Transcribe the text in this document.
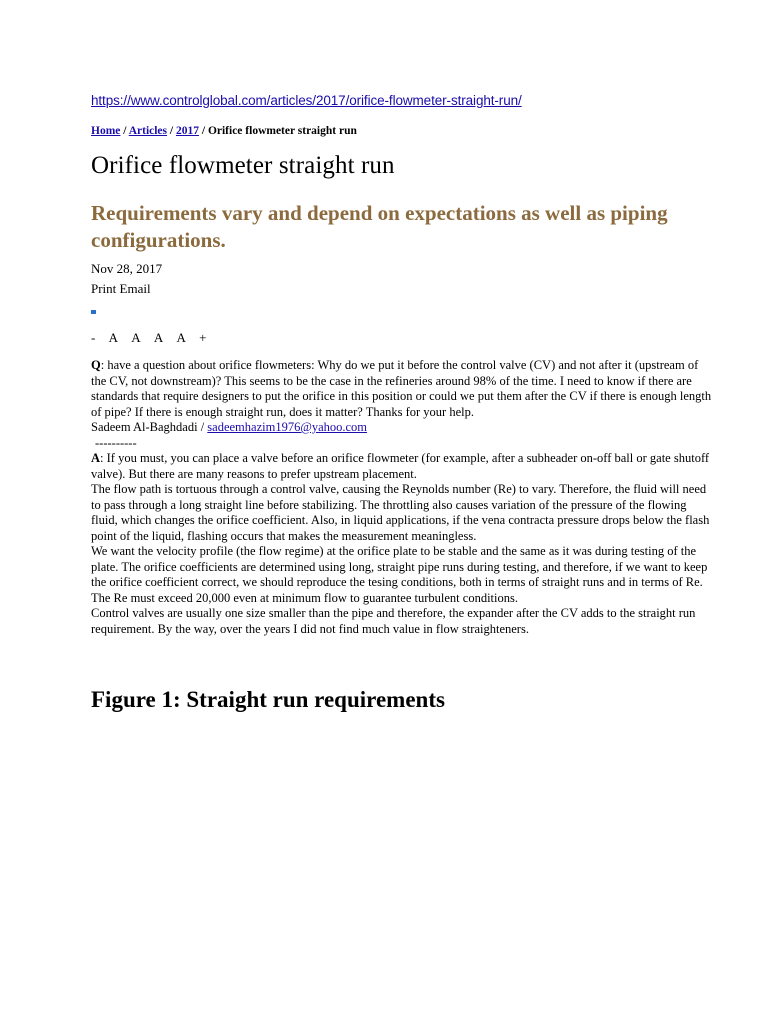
https://www.controlglobal.com/articles/2017/orifice-flowmeter-straight-run/
Home / Articles / 2017 / Orifice flowmeter straight run
Orifice flowmeter straight run
Requirements vary and depend on expectations as well as piping configurations.
Nov 28, 2017
Print Email
- A A A A +

Q: have a question about orifice flowmeters: Why do we put it before the control valve (CV) and not after it (upstream of the CV, not downstream)? This seems to be the case in the refineries around 98% of the time. I need to know if there are standards that require designers to put the orifice in this position or could we put them after the CV if there is enough length of pipe? If there is enough straight run, does it matter? Thanks for your help.

Sadeem Al-Baghdadi / sadeemhazim1976@yahoo.com

----------

A: If you must, you can place a valve before an orifice flowmeter (for example, after a subheader on-off ball or gate shutoff valve). But there are many reasons to prefer upstream placement.

The flow path is tortuous through a control valve, causing the Reynolds number (Re) to vary. Therefore, the fluid will need to pass through a long straight line before stabilizing. The throttling also causes variation of the pressure of the flowing fluid, which changes the orifice coefficient. Also, in liquid applications, if the vena contracta pressure drops below the flash point of the liquid, flashing occurs that makes the measurement meaningless.

We want the velocity profile (the flow regime) at the orifice plate to be stable and the same as it was during testing of the plate. The orifice coefficients are determined using long, straight pipe runs during testing, and therefore, if we want to keep the orifice coefficient correct, we should reproduce the tesing conditions, both in terms of straight runs and in terms of Re. The Re must exceed 20,000 even at minimum flow to guarantee turbulent conditions.

Control valves are usually one size smaller than the pipe and therefore, the expander after the CV adds to the straight run requirement. By the way, over the years I did not find much value in flow straighteners.

Figure 1: Straight run requirements
